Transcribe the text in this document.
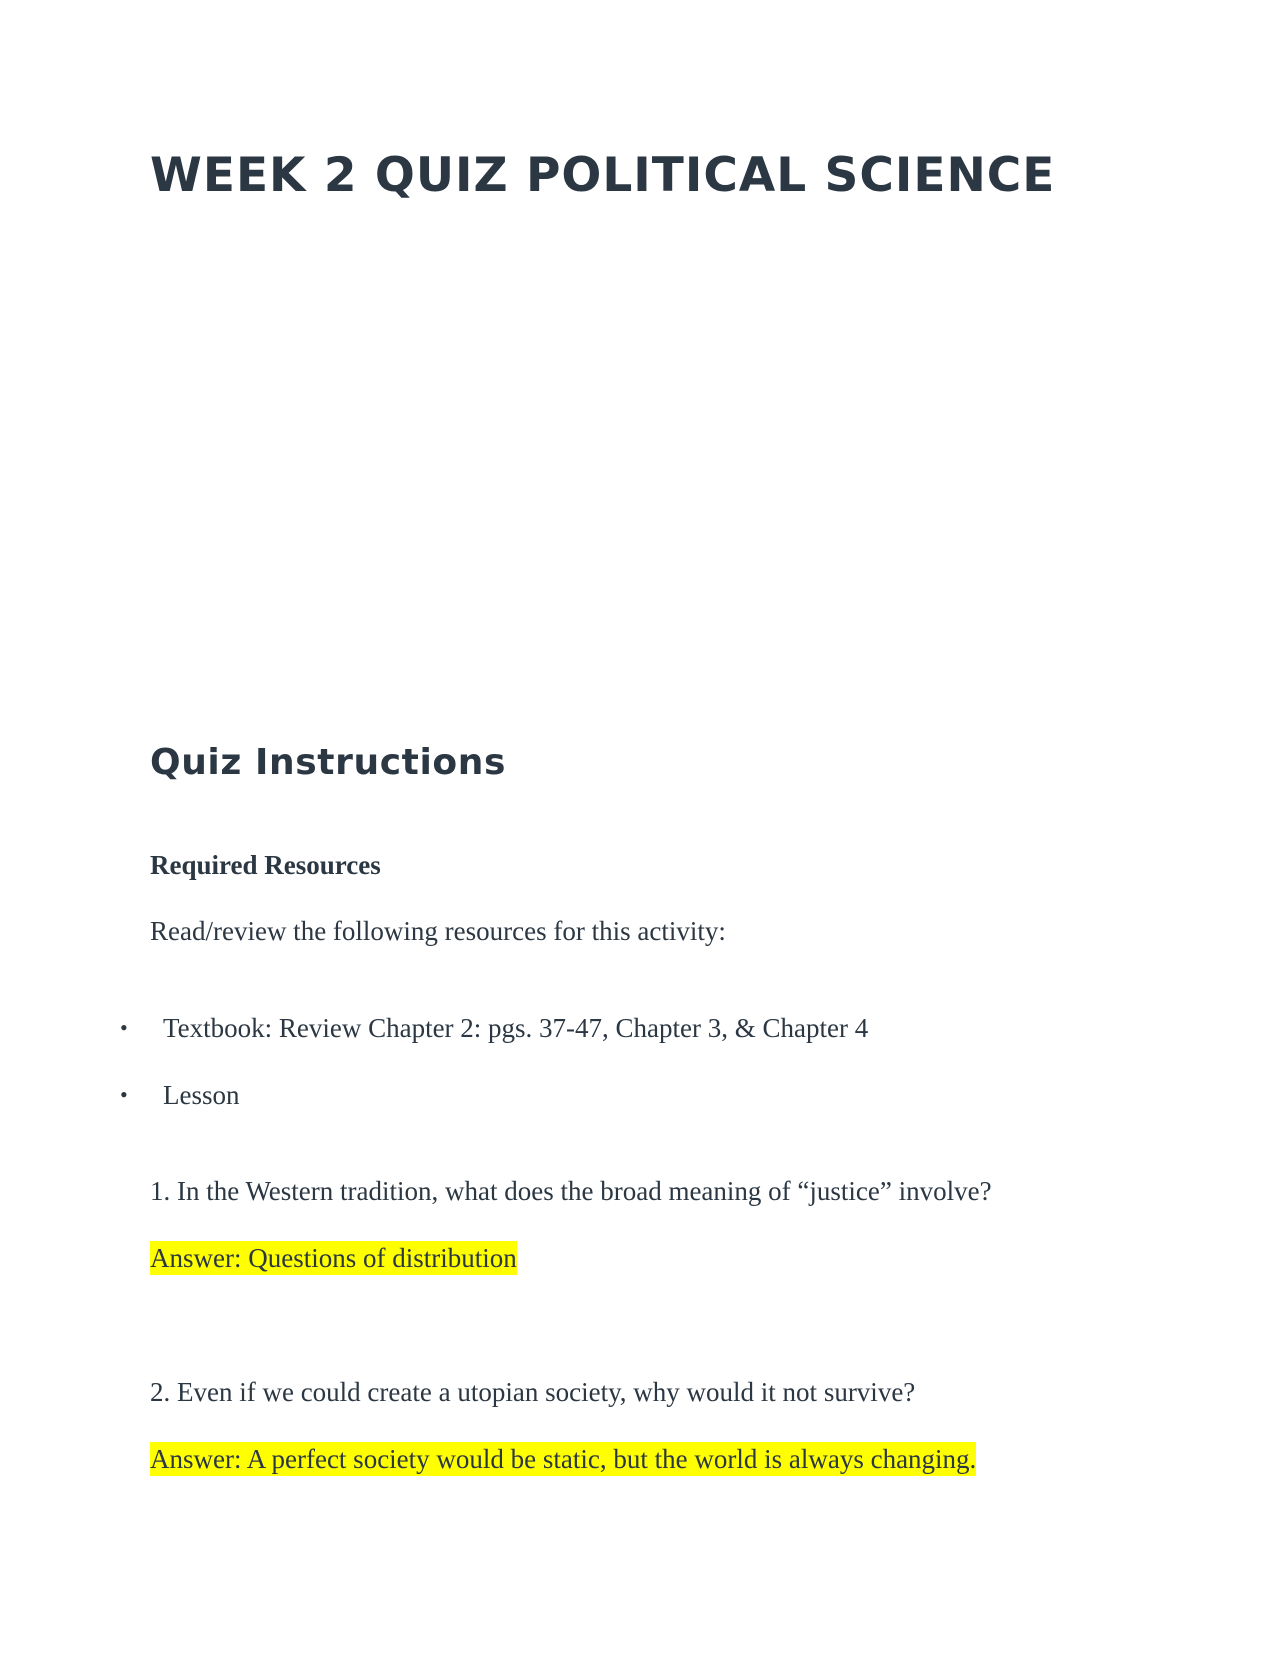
WEEK 2 QUIZ POLITICAL SCIENCE
Quiz Instructions

Required Resources

Read/review the following resources for this activity:

• Textbook: Review Chapter 2: pgs. 37-47, Chapter 3, & Chapter 4
• Lesson

1. In the Western tradition, what does the broad meaning of “justice” involve?

Answer: Questions of distribution

2. Even if we could create a utopian society, why would it not survive?

Answer: A perfect society would be static, but the world is always changing.
